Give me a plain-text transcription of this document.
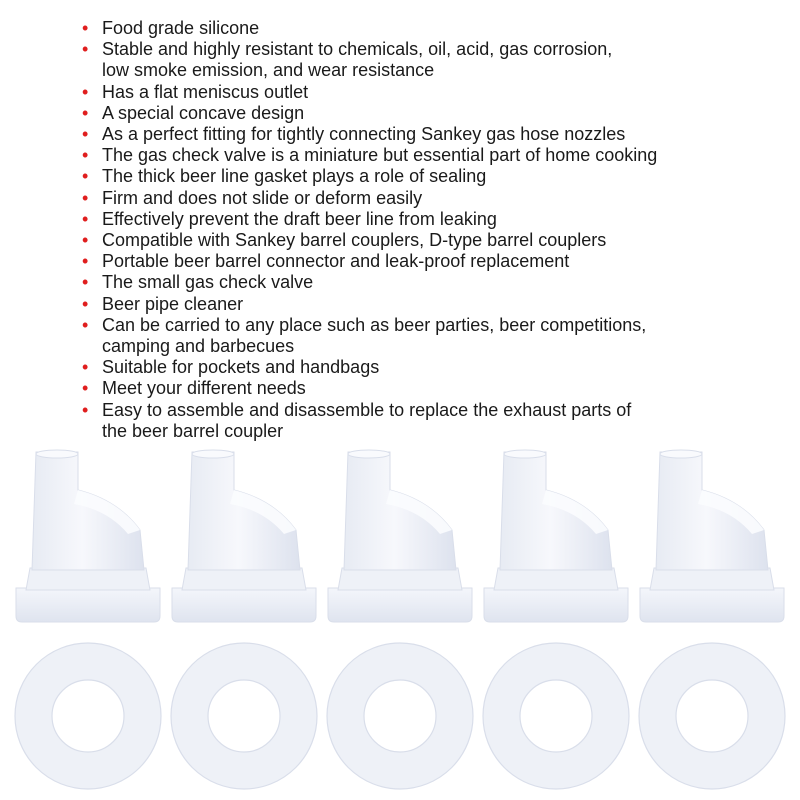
• Food grade silicone
• Stable and highly resistant to chemicals, oil, acid, gas corrosion,
low smoke emission, and wear resistance
• Has a flat meniscus outlet
• A special concave design
• As a perfect fitting for tightly connecting Sankey gas hose nozzles
• The gas check valve is a miniature but essential part of home cooking
• The thick beer line gasket plays a role of sealing
• Firm and does not slide or deform easily
• Effectively prevent the draft beer line from leaking
• Compatible with Sankey barrel couplers, D-type barrel couplers
• Portable beer barrel connector and leak-proof replacement
• The small gas check valve
• Beer pipe cleaner
• Can be carried to any place such as beer parties, beer competitions,
camping and barbecues
• Suitable for pockets and handbags
• Meet your different needs
• Easy to assemble and disassemble to replace the exhaust parts of
the beer barrel coupler
